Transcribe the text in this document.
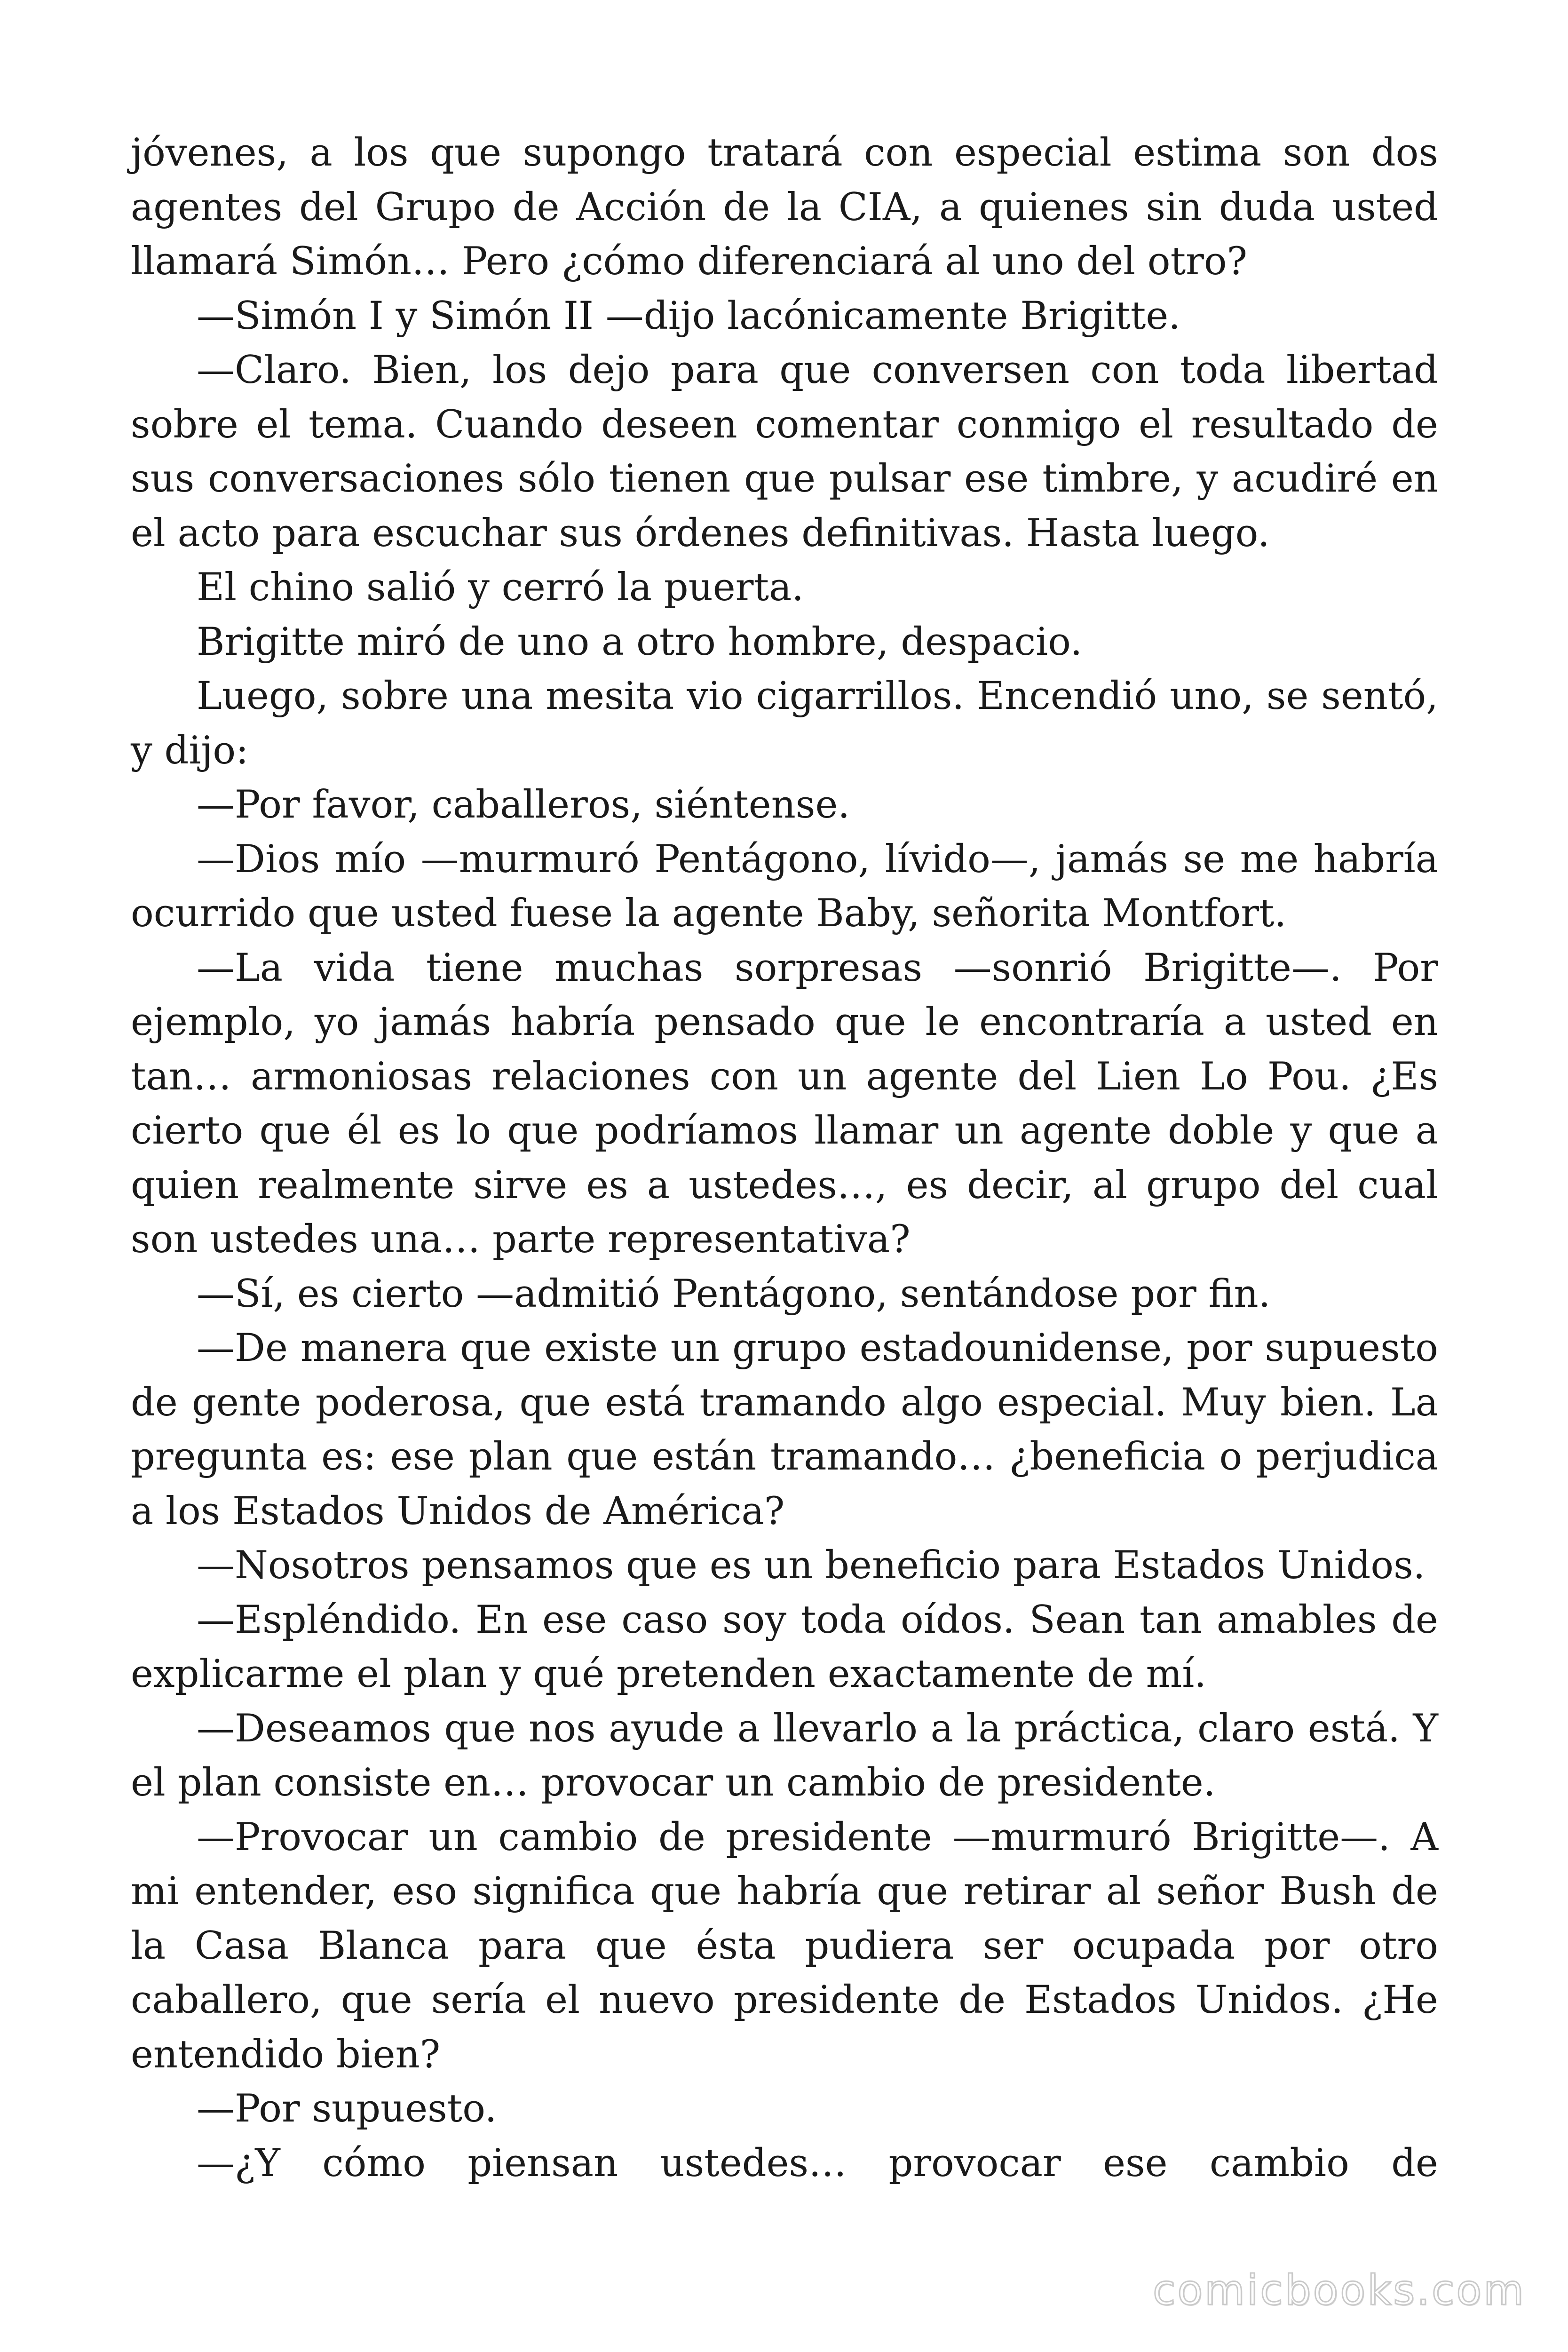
jóvenes, a los que supongo tratará con especial estima son dos agentes del Grupo de Acción de la CIA, a quienes sin duda usted llamará Simón… Pero ¿cómo diferenciará al uno del otro?

—Simón I y Simón II —dijo lacónicamente Brigitte.

—Claro. Bien, los dejo para que conversen con toda libertad sobre el tema. Cuando deseen comentar conmigo el resultado de sus conversaciones sólo tienen que pulsar ese timbre, y acudiré en el acto para escuchar sus órdenes definitivas. Hasta luego.

El chino salió y cerró la puerta.

Brigitte miró de uno a otro hombre, despacio.

Luego, sobre una mesita vio cigarrillos. Encendió uno, se sentó, y dijo:

—Por favor, caballeros, siéntense.

—Dios mío —murmuró Pentágono, lívido—, jamás se me habría ocurrido que usted fuese la agente Baby, señorita Montfort.

—La vida tiene muchas sorpresas —sonrió Brigitte—. Por ejemplo, yo jamás habría pensado que le encontraría a usted en tan… armoniosas relaciones con un agente del Lien Lo Pou. ¿Es cierto que él es lo que podríamos llamar un agente doble y que a quien realmente sirve es a ustedes…, es decir, al grupo del cual son ustedes una… parte representativa?

—Sí, es cierto —admitió Pentágono, sentándose por fin.

—De manera que existe un grupo estadounidense, por supuesto de gente poderosa, que está tramando algo especial. Muy bien. La pregunta es: ese plan que están tramando… ¿beneficia o perjudica a los Estados Unidos de América?

—Nosotros pensamos que es un beneficio para Estados Unidos.

—Espléndido. En ese caso soy toda oídos. Sean tan amables de explicarme el plan y qué pretenden exactamente de mí.

—Deseamos que nos ayude a llevarlo a la práctica, claro está. Y el plan consiste en… provocar un cambio de presidente.

—Provocar un cambio de presidente —murmuró Brigitte—. A mi entender, eso significa que habría que retirar al señor Bush de la Casa Blanca para que ésta pudiera ser ocupada por otro caballero, que sería el nuevo presidente de Estados Unidos. ¿He entendido bien?

—Por supuesto.

—¿Y cómo piensan ustedes… provocar ese cambio de

comicbooks.com
